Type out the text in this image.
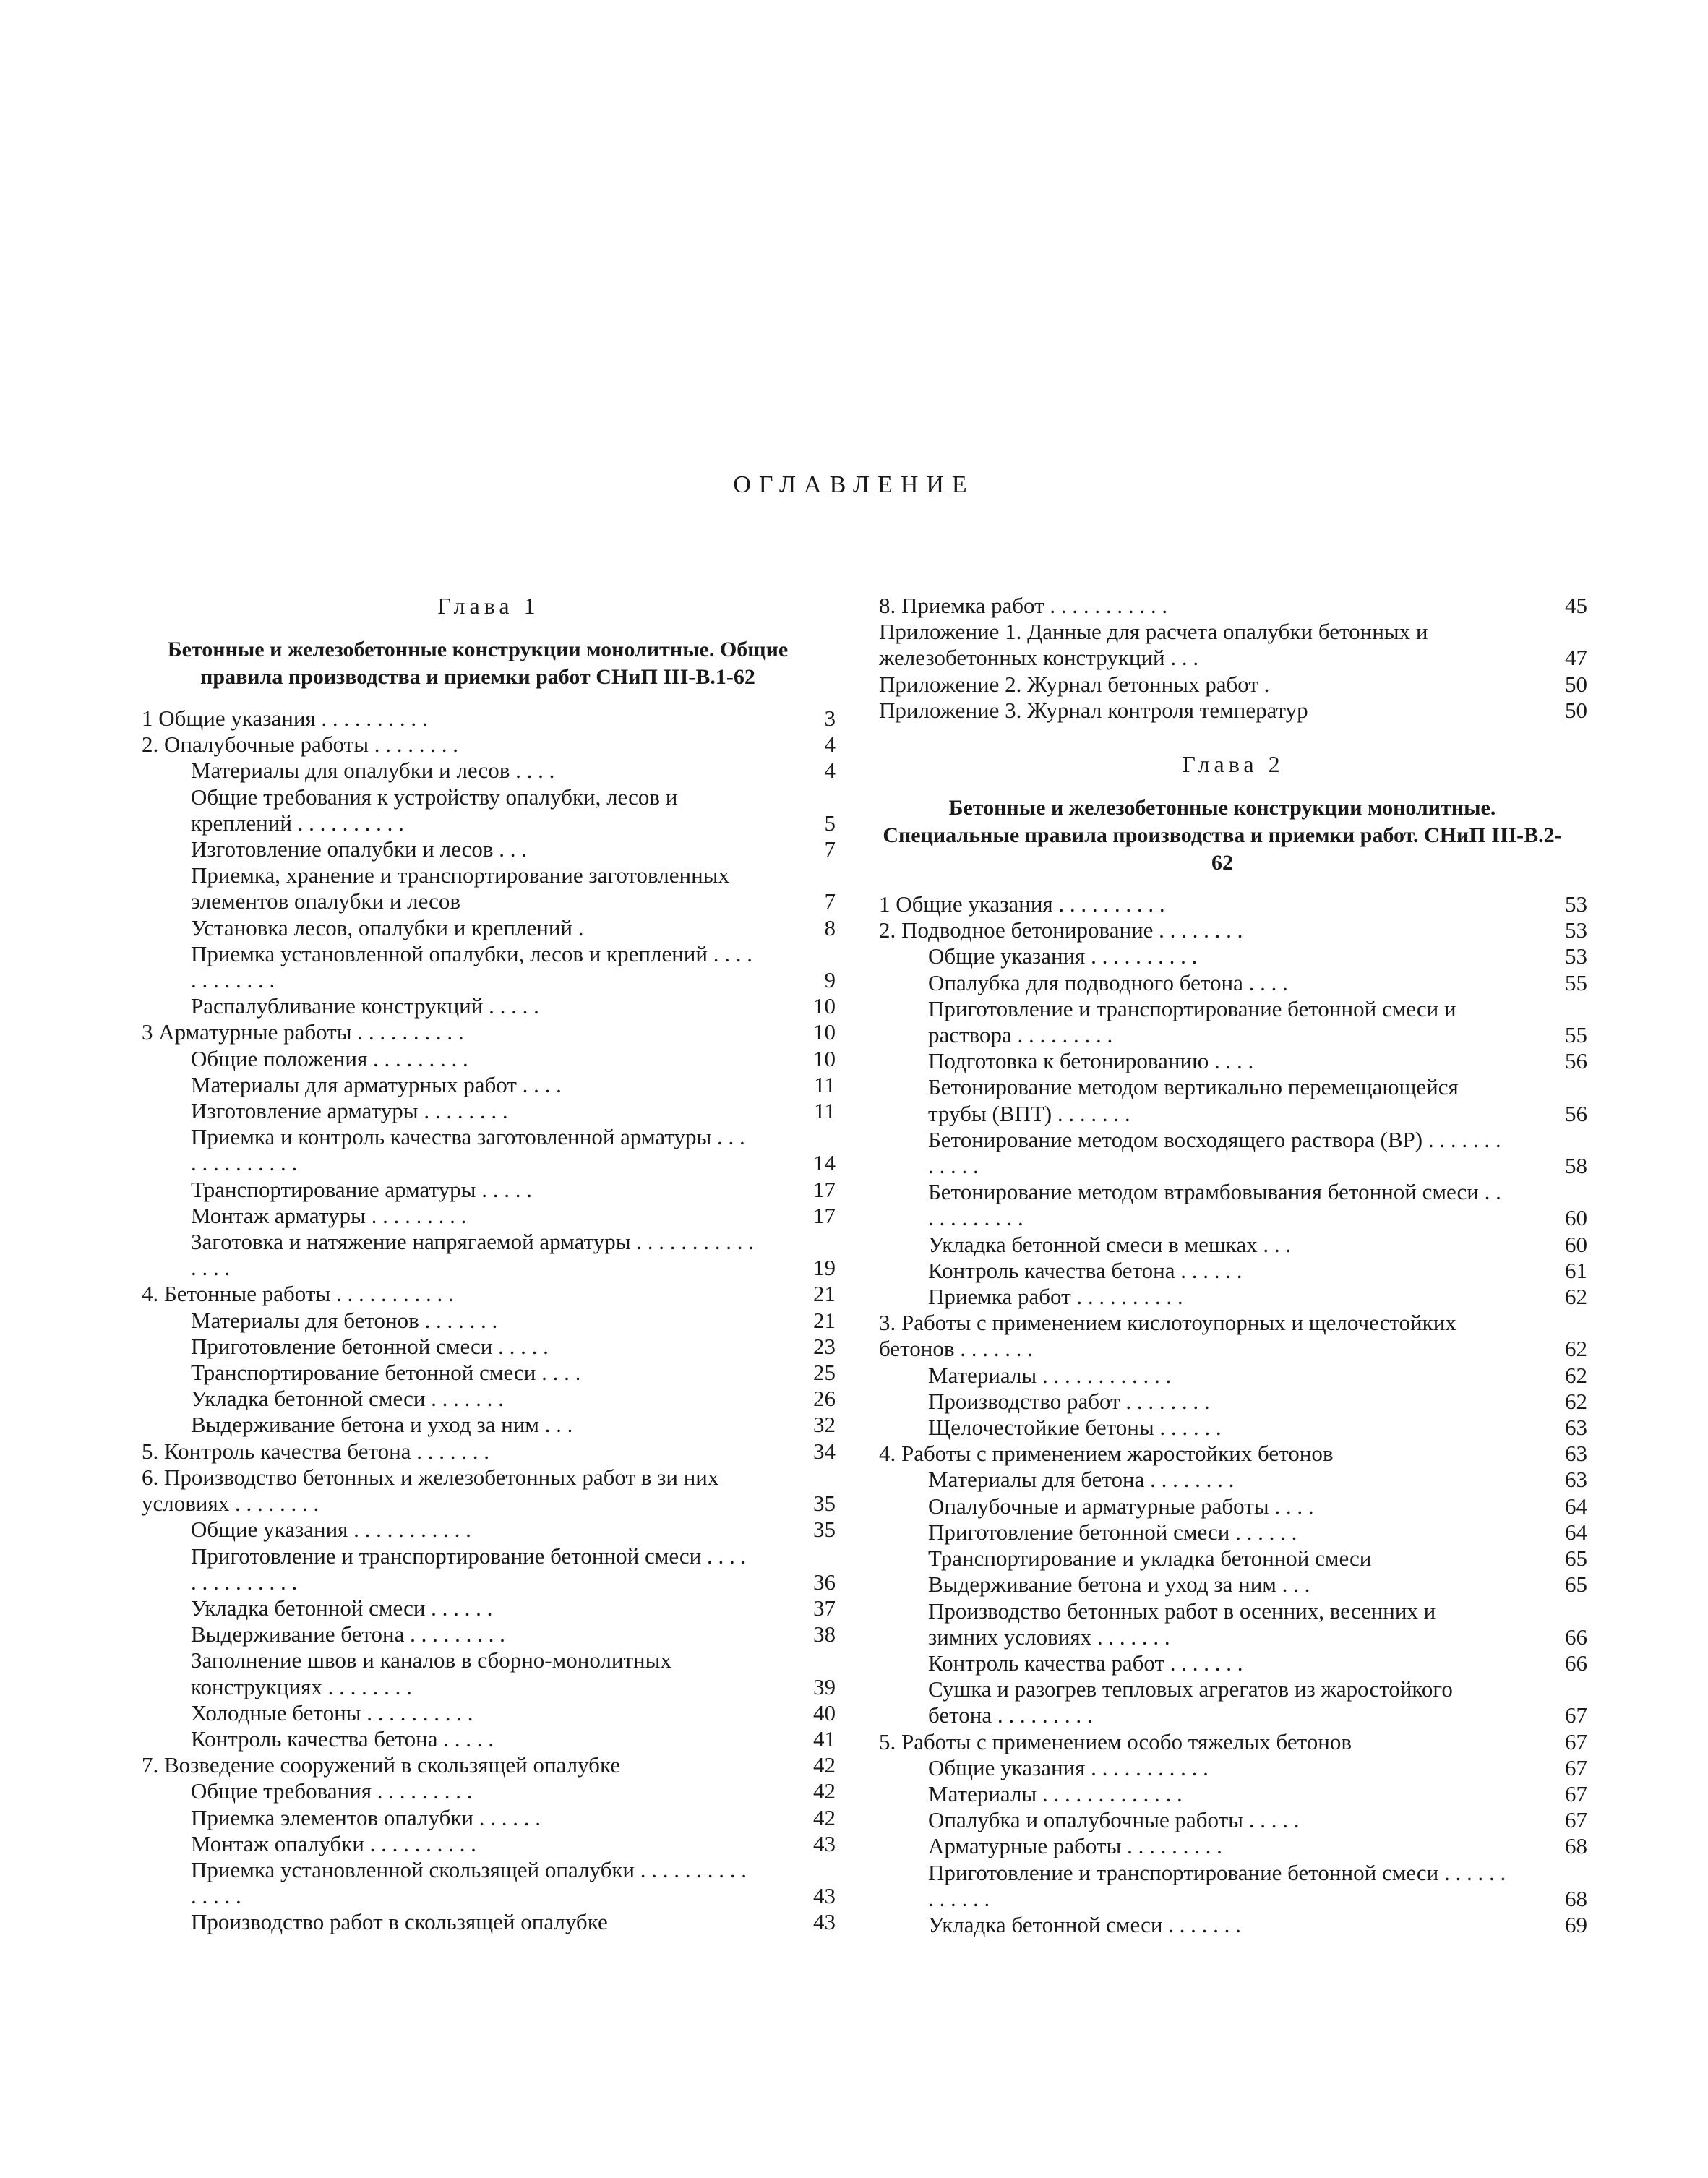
ОГЛАВЛЕНИЕ
Глава 1
Бетонные и железобетонные конструкции монолитные. Общие правила производства и приемки работ СНиП III-В.1-62
1 Общие указания . . . . . . . . . .	3
2. Опалубочные работы . . . . . . . .	4
Материалы для опалубки и лесов . . . .	4
Общие требования к устройству опалубки, лесов и креплений . . . . . . . . . .	5
Изготовление опалубки и лесов . . .	7
Приемка, хранение и транспортирование заготовленных элементов опалубки и лесов	7
Установка лесов, опалубки и креплений .	8
Приемка установленной опалубки, лесов и креплений . . . . . . . . . . . .	9
Распалубливание конструкций . . . . .	10
3 Арматурные работы . . . . . . . . . .	10
Общие положения . . . . . . . . .	10
Материалы для арматурных работ . . . .	11
Изготовление арматуры . . . . . . . .	11
Приемка и контроль качества заготовленной арматуры . . . . . . . . . . . . .	14
Транспортирование арматуры . . . . .	17
Монтаж арматуры . . . . . . . . .	17
Заготовка и натяжение напрягаемой арматуры . . . . . . . . . . . . . . .	19
4. Бетонные работы . . . . . . . . . . .	21
Материалы для бетонов . . . . . . .	21
Приготовление бетонной смеси . . . . .	23
Транспортирование бетонной смеси . . . .	25
Укладка бетонной смеси . . . . . . .	26
Выдерживание бетона и уход за ним . . .	32
5. Контроль качества бетона . . . . . . .	34
6. Производство бетонных и железобетонных работ в зи них условиях . . . . . . . .	35
Общие указания . . . . . . . . . . .	35
Приготовление и транспортирование бетонной смеси . . . . . . . . . . . . . .	36
Укладка бетонной смеси . . . . . .	37
Выдерживание бетона . . . . . . . . .	38
Заполнение швов и каналов в сборно-монолитных конструкциях . . . . . . . .	39
Холодные бетоны . . . . . . . . . .	40
Контроль качества бетона . . . . .	41
7. Возведение сооружений в скользящей опалубке	42
Общие требования . . . . . . . . .	42
Приемка элементов опалубки . . . . . .	42
Монтаж опалубки . . . . . . . . . .	43
Приемка установленной скользящей опалубки . . . . . . . . . . . . . . .	43
Производство работ в скользящей опалубке	43
8. Приемка работ . . . . . . . . . . .	45
Приложение 1. Данные для расчета опалубки бетонных и железобетонных конструкций . . .	47
Приложение 2. Журнал бетонных работ .	50
Приложение 3. Журнал контроля температур	50
Глава 2
Бетонные и железобетонные конструкции монолитные. Специальные правила производства и приемки работ. СНиП III-В.2-62
1 Общие указания . . . . . . . . . .	53
2. Подводное бетонирование . . . . . . . .	53
Общие указания . . . . . . . . . .	53
Опалубка для подводного бетона . . . .	55
Приготовление и транспортирование бетонной смеси и раствора . . . . . . . . .	55
Подготовка к бетонированию . . . .	56
Бетонирование методом вертикально перемещающейся трубы (ВПТ) . . . . . . .	56
Бетонирование методом восходящего раствора (ВР) . . . . . . . . . . . .	58
Бетонирование методом втрамбовывания бетонной смеси . . . . . . . . . . .	60
Укладка бетонной смеси в мешках . . .	60
Контроль качества бетона . . . . . .	61
Приемка работ . . . . . . . . . .	62
3. Работы с применением кислотоупорных и щелочестойких бетонов . . . . . . .	62
Материалы . . . . . . . . . . . .	62
Производство работ . . . . . . . .	62
Щелочестойкие бетоны . . . . . .	63
4. Работы с применением жаростойких бетонов	63
Материалы для бетона . . . . . . . .	63
Опалубочные и арматурные работы . . . .	64
Приготовление бетонной смеси . . . . . .	64
Транспортирование и укладка бетонной смеси	65
Выдерживание бетона и уход за ним . . .	65
Производство бетонных работ в осенних, весенних и зимних условиях . . . . . . .	66
Контроль качества работ . . . . . . .	66
Сушка и разогрев тепловых агрегатов из жаростойкого бетона . . . . . . . . .	67
5. Работы с применением особо тяжелых бетонов	67
Общие указания . . . . . . . . . . .	67
Материалы . . . . . . . . . . . . .	67
Опалубка и опалубочные работы . . . . .	67
Арматурные работы . . . . . . . . .	68
Приготовление и транспортирование бетонной смеси . . . . . . . . . . . .	68
Укладка бетонной смеси . . . . . . .	69
